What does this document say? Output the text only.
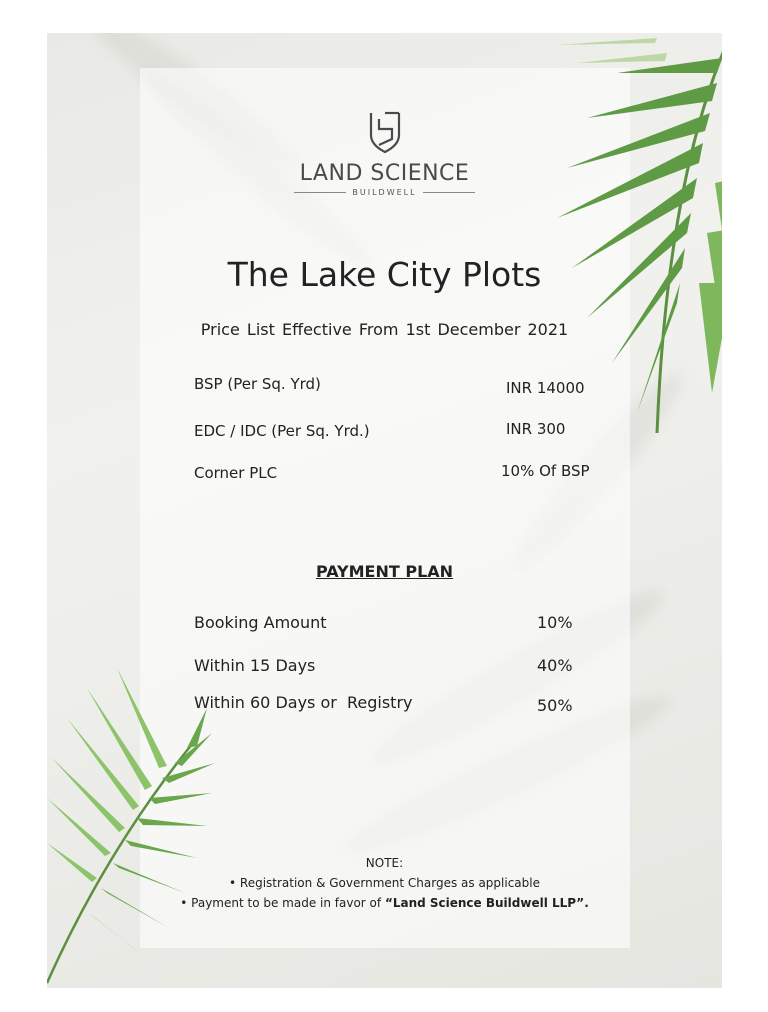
LAND SCIENCE
BUILDWELL
The Lake City Plots
Price List Effective From 1st December 2021
BSP (Per Sq. Yrd)	INR 14000
EDC / IDC (Per Sq. Yrd.)	INR 300
Corner PLC	10% Of BSP
PAYMENT PLAN
Booking Amount	10%
Within 15 Days	40%
Within 60 Days or  Registry	50%
NOTE:
• Registration & Government Charges as applicable
• Payment to be made in favor of “Land Science Buildwell LLP”.
